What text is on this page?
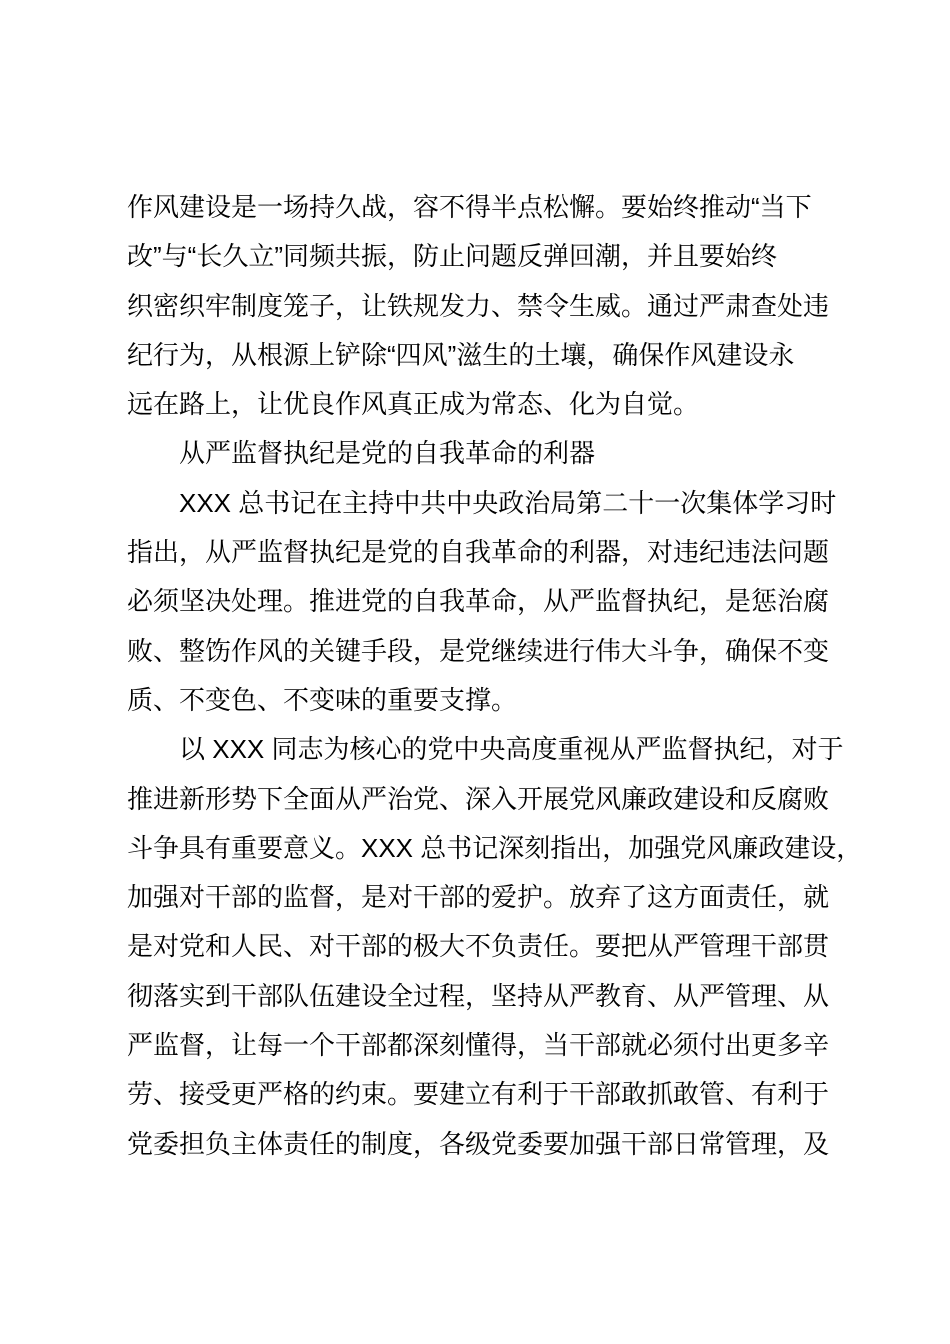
作风建设是一场持久战，容不得半点松懈。要始终推动“当下
改”与“长久立”同频共振，防止问题反弹回潮，并且要始终
织密织牢制度笼子，让铁规发力、禁令生威。通过严肃查处违
纪行为，从根源上铲除“四风”滋生的土壤，确保作风建设永
远在路上，让优良作风真正成为常态、化为自觉。
从严监督执纪是党的自我革命的利器
XXX 总书记在主持中共中央政治局第二十一次集体学习时
指出，从严监督执纪是党的自我革命的利器，对违纪违法问题
必须坚决处理。推进党的自我革命，从严监督执纪，是惩治腐
败、整饬作风的关键手段，是党继续进行伟大斗争，确保不变
质、不变色、不变味的重要支撑。
以 XXX 同志为核心的党中央高度重视从严监督执纪，对于
推进新形势下全面从严治党、深入开展党风廉政建设和反腐败
斗争具有重要意义。XXX 总书记深刻指出，加强党风廉政建设，
加强对干部的监督，是对干部的爱护。放弃了这方面责任，就
是对党和人民、对干部的极大不负责任。要把从严管理干部贯
彻落实到干部队伍建设全过程，坚持从严教育、从严管理、从
严监督，让每一个干部都深刻懂得，当干部就必须付出更多辛
劳、接受更严格的约束。要建立有利于干部敢抓敢管、有利于
党委担负主体责任的制度，各级党委要加强干部日常管理，及
